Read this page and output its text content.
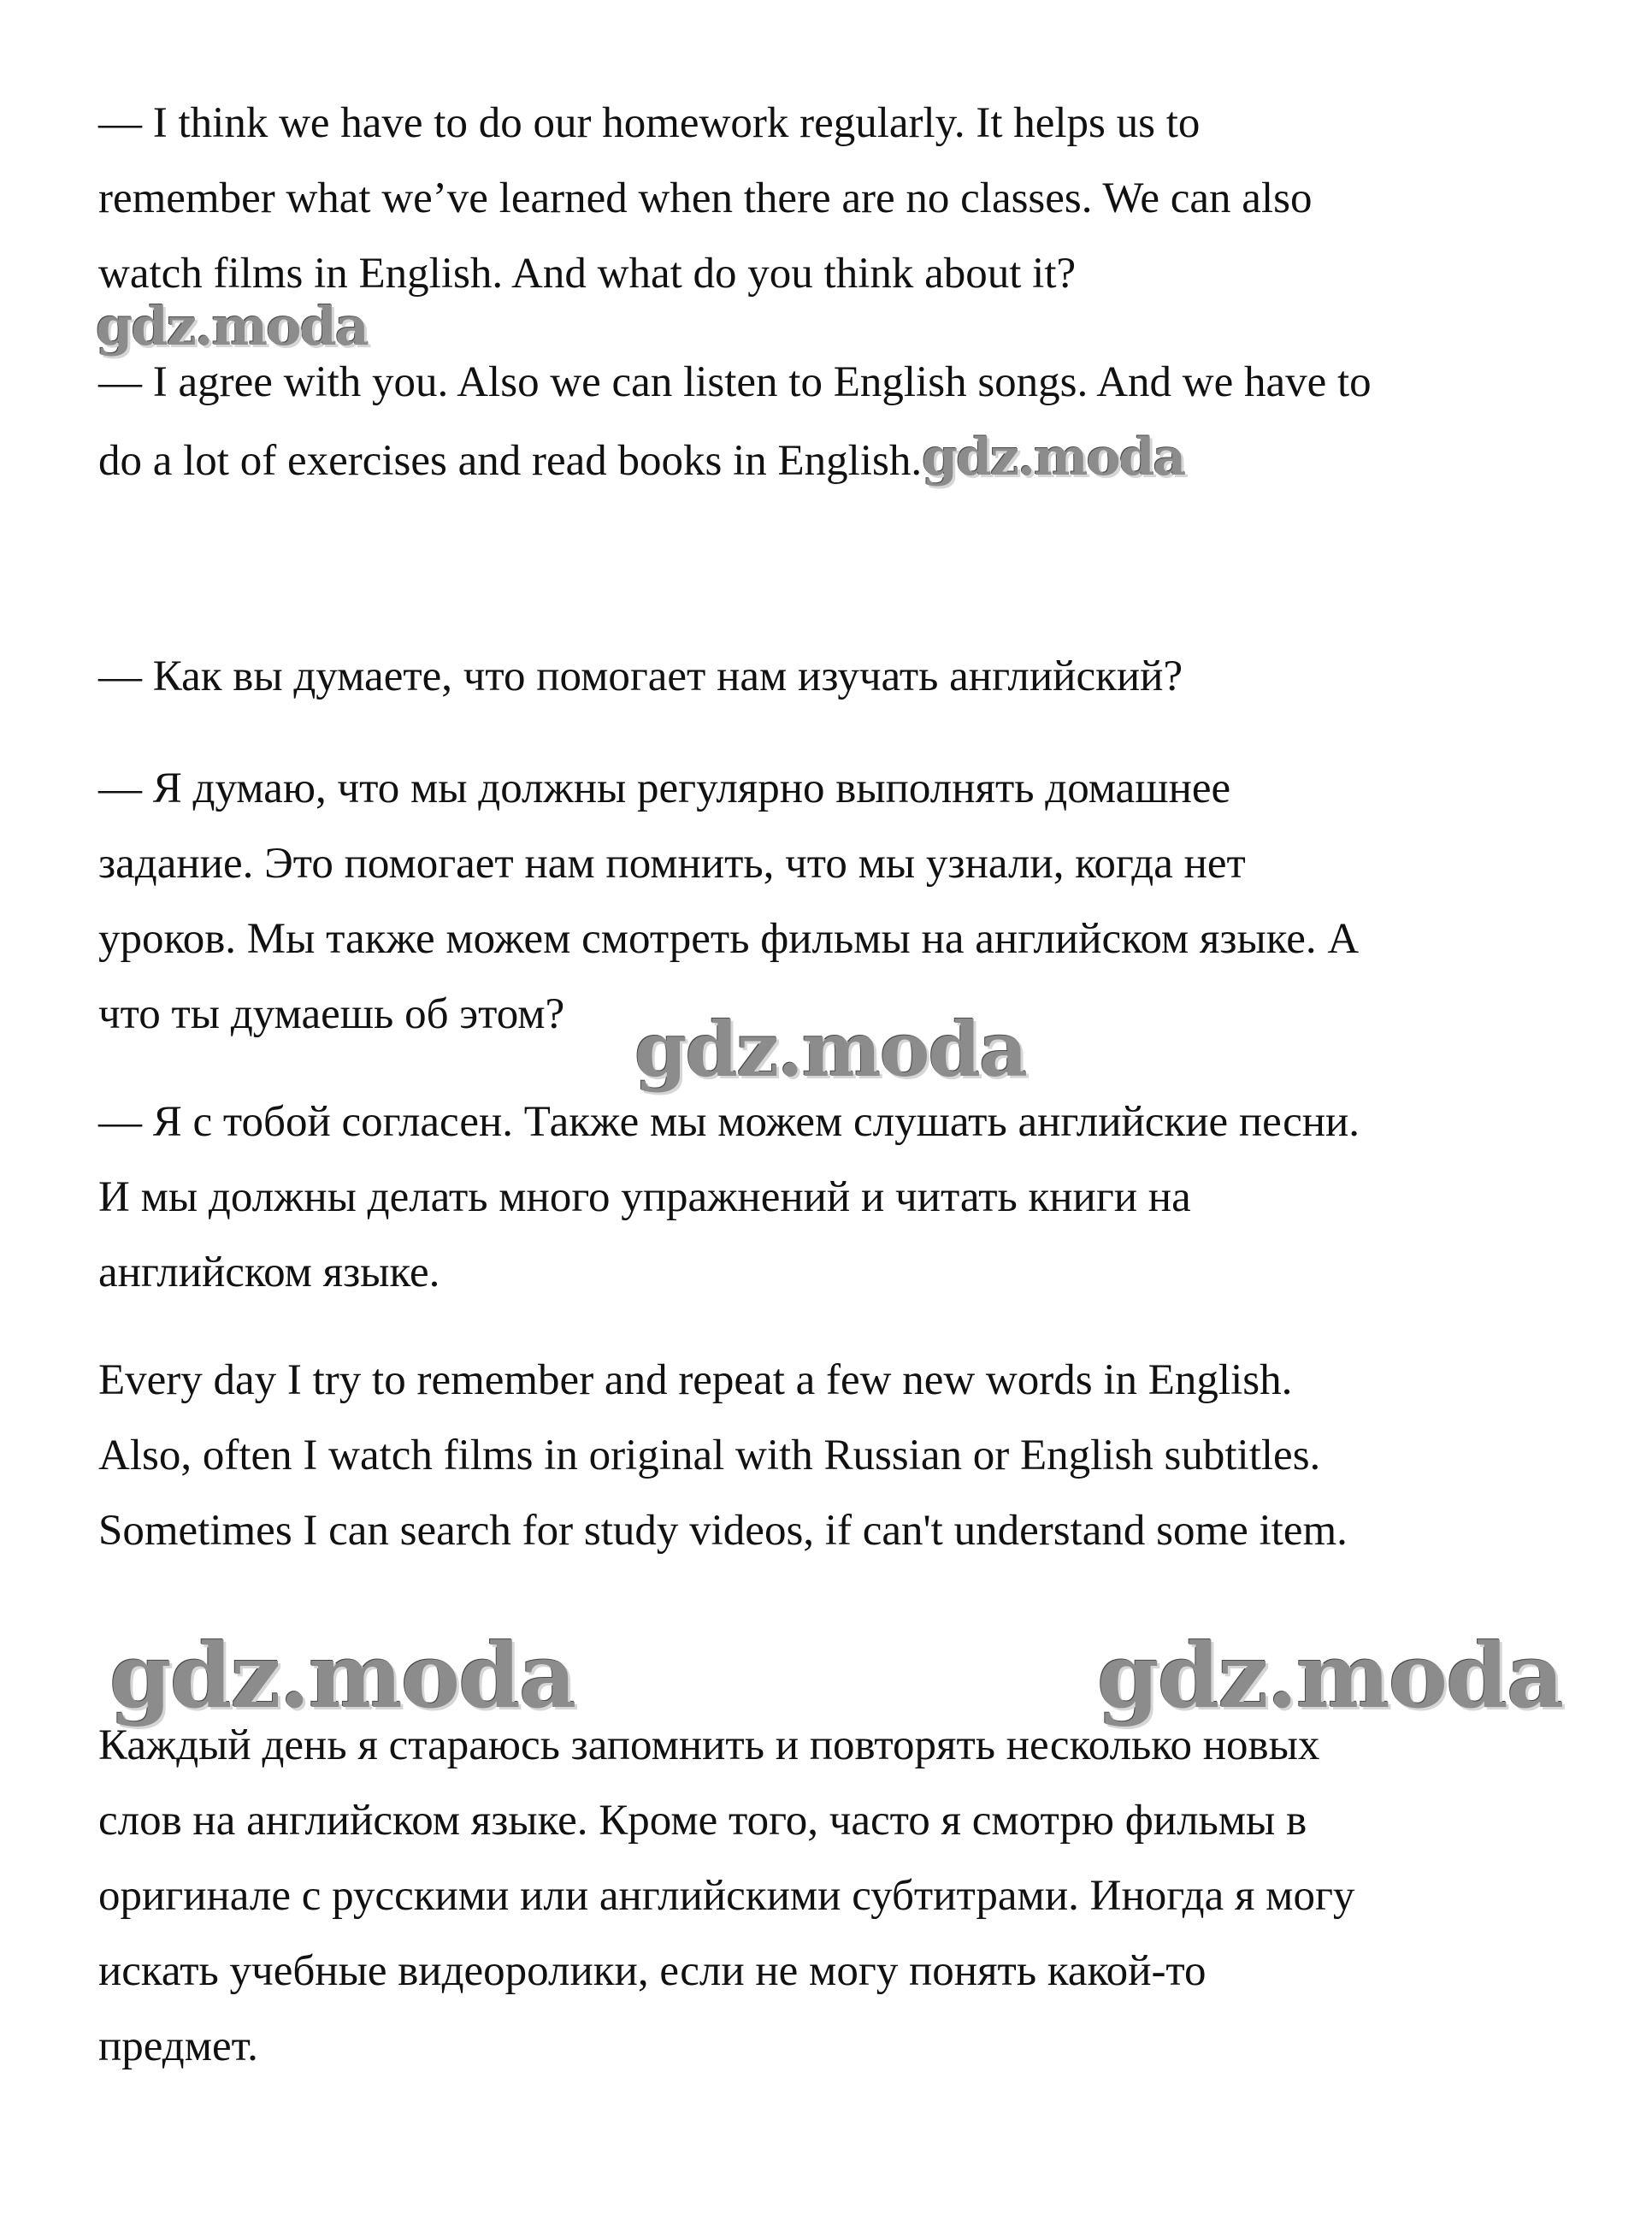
— I think we have to do our homework regularly. It helps us to
remember what we’ve learned when there are no classes. We can also
watch films in English. And what do you think about it?
gdz.moda
— I agree with you. Also we can listen to English songs. And we have to
do a lot of exercises and read books in English.gdz.moda
— Как вы думаете, что помогает нам изучать английский?
— Я думаю, что мы должны регулярно выполнять домашнее
задание. Это помогает нам помнить, что мы узнали, когда нет
уроков. Мы также можем смотреть фильмы на английском языке. А
что ты думаешь об этом? gdz.moda
— Я с тобой согласен. Также мы можем слушать английские песни.
И мы должны делать много упражнений и читать книги на
английском языке.
Every day I try to remember and repeat a few new words in English.
Also, often I watch films in original with Russian or English subtitles.
Sometimes I can search for study videos, if can't understand some item.
gdz.moda	gdz.moda
Каждый день я стараюсь запомнить и повторять несколько новых
слов на английском языке. Кроме того, часто я смотрю фильмы в
оригинале с русскими или английскими субтитрами. Иногда я могу
искать учебные видеоролики, если не могу понять какой-то
предмет.
